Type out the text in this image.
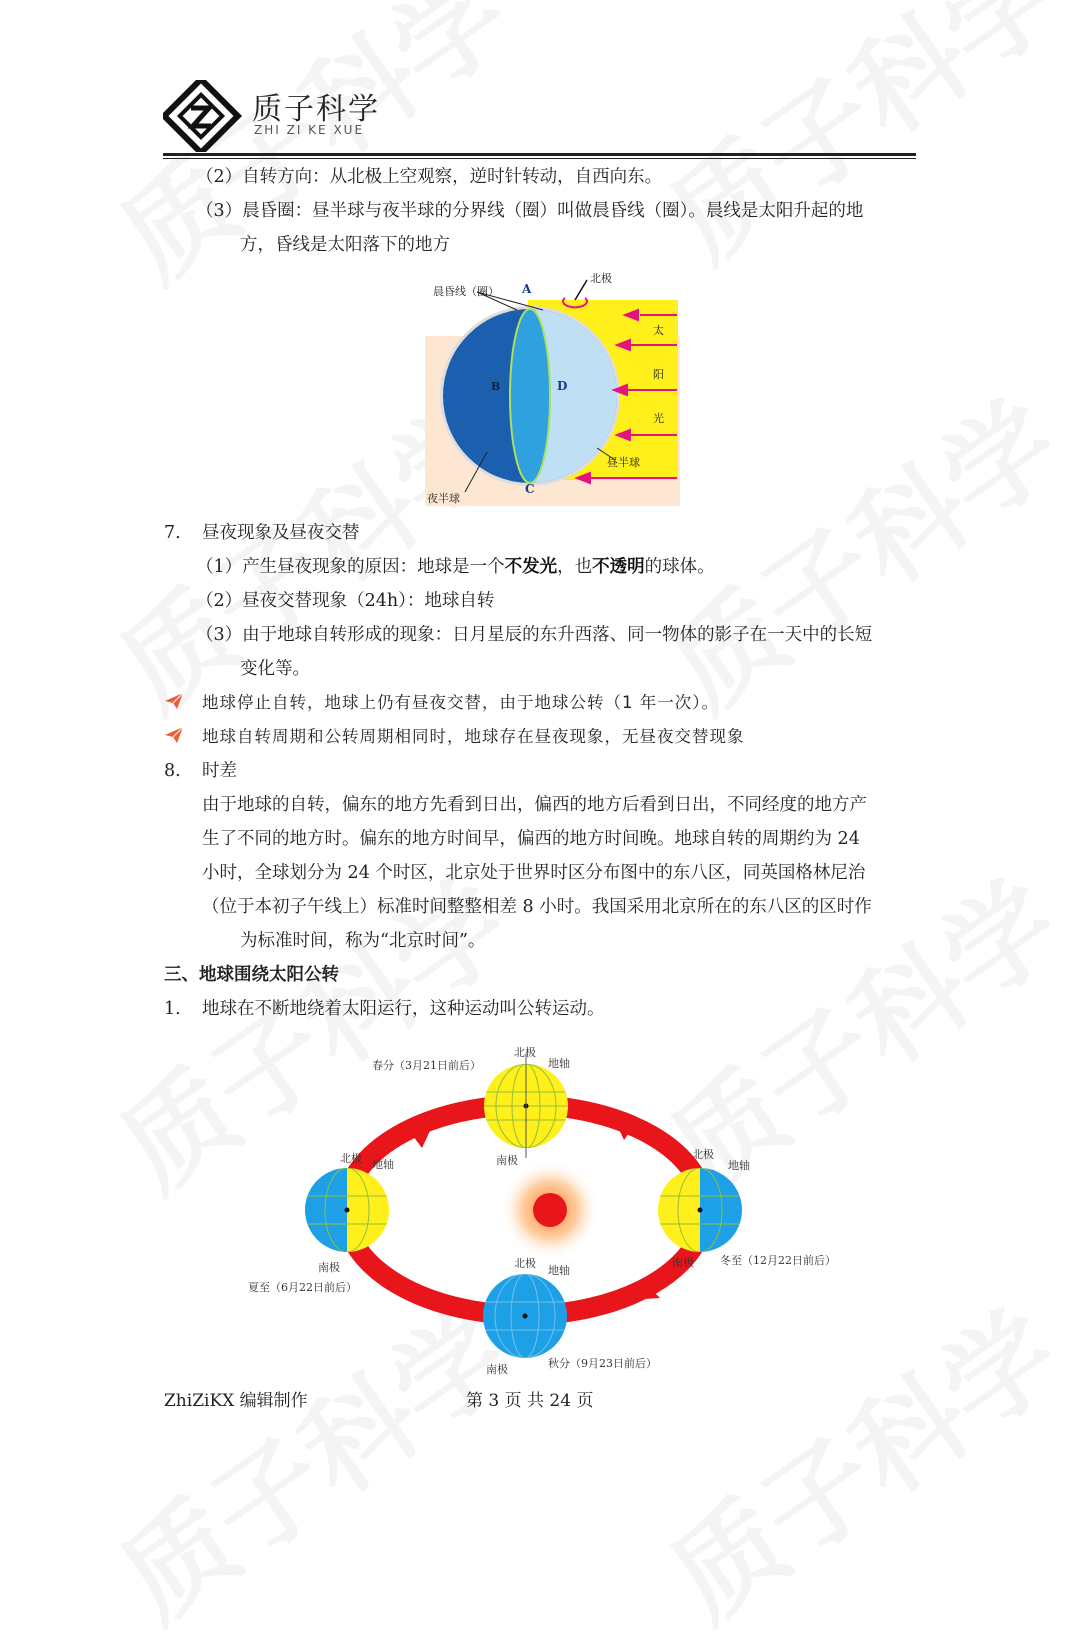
质子科学
ZHI ZI KE XUE
（2）自转方向：从北极上空观察，逆时针转动，自西向东。
（3）晨昏圈：昼半球与夜半球的分界线（圈）叫做晨昏线（圈）。晨线是太阳升起的地
方，昏线是太阳落下的地方
晨昏线（圈） A
北极
B	D
C
太
阳
光
昼半球
夜半球
7. 昼夜现象及昼夜交替
（1）产生昼夜现象的原因：地球是一个不发光，也不透明的球体。
（2）昼夜交替现象（24h）：地球自转
（3）由于地球自转形成的现象：日月星辰的东升西落、同一物体的影子在一天中的长短
变化等。
地球停止自转，地球上仍有昼夜交替，由于地球公转（1 年一次）。
地球自转周期和公转周期相同时，地球存在昼夜现象，无昼夜交替现象
8. 时差
由于地球的自转，偏东的地方先看到日出，偏西的地方后看到日出，不同经度的地方产
生了不同的地方时。偏东的地方时间早，偏西的地方时间晚。地球自转的周期约为 24
小时，全球划分为 24 个时区，北京处于世界时区分布图中的东八区，同英国格林尼治
（位于本初子午线上）标准时间整整相差 8 小时。我国采用北京所在的东八区的区时作
为标准时间，称为“北京时间”。
三、地球围绕太阳公转
1. 地球在不断地绕着太阳运行，这种运动叫公转运动。
春分（3月21日前后）
北极
地轴
南极
北极 地轴
南极
夏至（6月22日前后）
北极
地轴
南极 冬至（12月22日前后）
北极
地轴
南极	秋分（9月23日前后）
ZhiZiKX 编辑制作	第 3 页 共 24 页
